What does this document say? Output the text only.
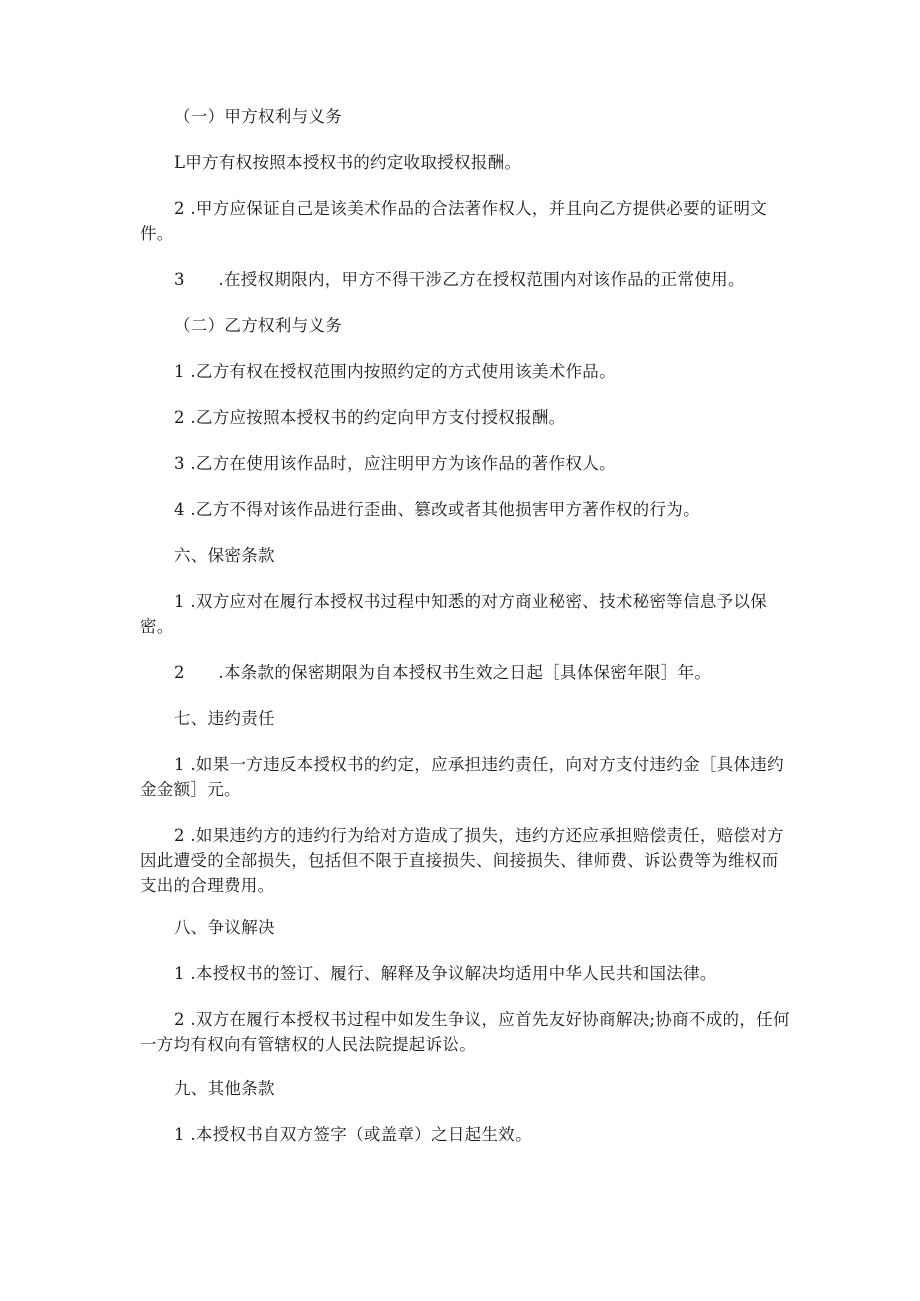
（一）甲方权利与义务

L甲方有权按照本授权书的约定收取授权报酬。

2 .甲方应保证自己是该美术作品的合法著作权人，并且向乙方提供必要的证明文件。

3　　.在授权期限内，甲方不得干涉乙方在授权范围内对该作品的正常使用。

（二）乙方权利与义务

1 .乙方有权在授权范围内按照约定的方式使用该美术作品。

2 .乙方应按照本授权书的约定向甲方支付授权报酬。

3 .乙方在使用该作品时，应注明甲方为该作品的著作权人。

4 .乙方不得对该作品进行歪曲、篡改或者其他损害甲方著作权的行为。

六、保密条款

1 .双方应对在履行本授权书过程中知悉的对方商业秘密、技术秘密等信息予以保密。

2　　.本条款的保密期限为自本授权书生效之日起［具体保密年限］年。

七、违约责任

1 .如果一方违反本授权书的约定，应承担违约责任，向对方支付违约金［具体违约金金额］元。

2 .如果违约方的违约行为给对方造成了损失，违约方还应承担赔偿责任，赔偿对方因此遭受的全部损失，包括但不限于直接损失、间接损失、律师费、诉讼费等为维权而支出的合理费用。

八、争议解决

1 .本授权书的签订、履行、解释及争议解决均适用中华人民共和国法律。

2 .双方在履行本授权书过程中如发生争议，应首先友好协商解决;协商不成的，任何一方均有权向有管辖权的人民法院提起诉讼。

九、其他条款

1 .本授权书自双方签字（或盖章）之日起生效。
